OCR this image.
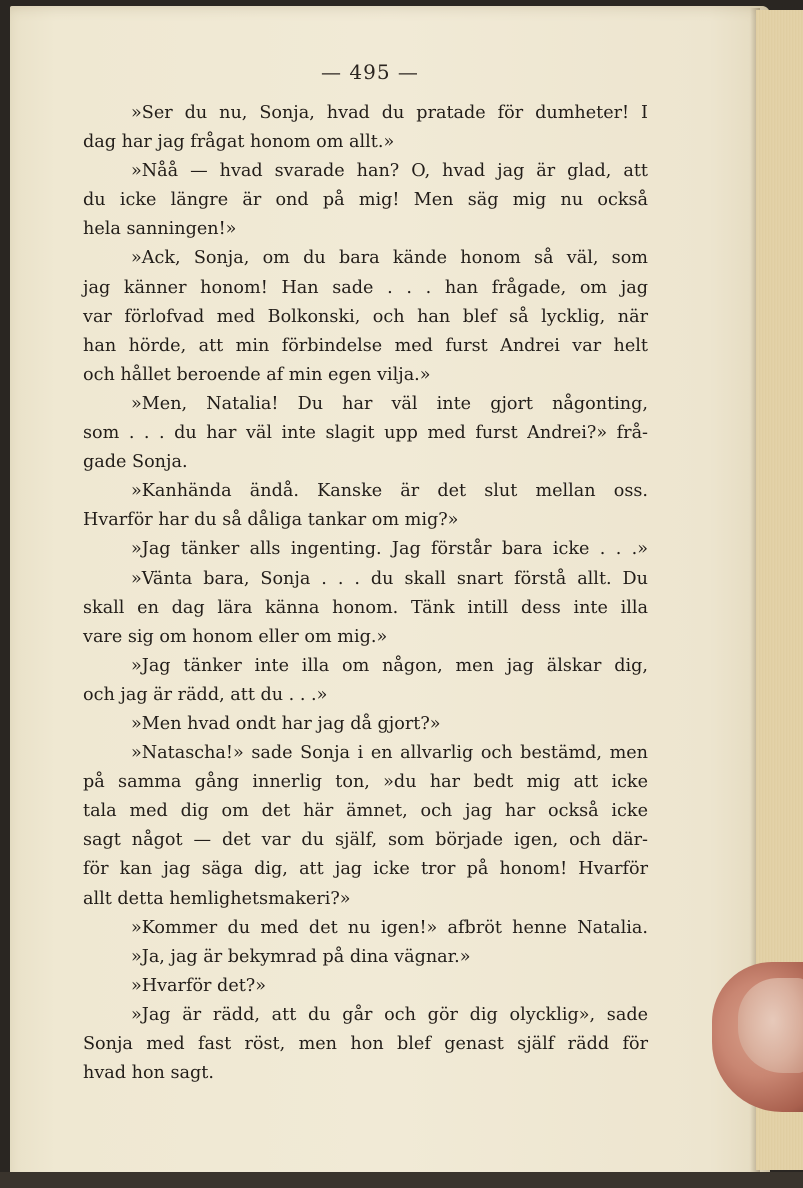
— 495 —
»Ser du nu, Sonja, hvad du pratade för dumheter! I
dag har jag frågat honom om allt.»
»Nåå — hvad svarade han? O, hvad jag är glad, att
du icke längre är ond på mig! Men säg mig nu också
hela sanningen!»
»Ack, Sonja, om du bara kände honom så väl, som
jag känner honom! Han sade . . . han frågade, om jag
var förlofvad med Bolkonski, och han blef så lycklig, när
han hörde, att min förbindelse med furst Andrei var helt
och hållet beroende af min egen vilja.»
»Men, Natalia! Du har väl inte gjort någonting,
som . . . du har väl inte slagit upp med furst Andrei?» frå-
gade Sonja.
»Kanhända ändå. Kanske är det slut mellan oss.
Hvarför har du så dåliga tankar om mig?»
»Jag tänker alls ingenting. Jag förstår bara icke . . .»
»Vänta bara, Sonja . . . du skall snart förstå allt. Du
skall en dag lära känna honom. Tänk intill dess inte illa
vare sig om honom eller om mig.»
»Jag tänker inte illa om någon, men jag älskar dig,
och jag är rädd, att du . . .»
»Men hvad ondt har jag då gjort?»
»Natascha!» sade Sonja i en allvarlig och bestämd, men
på samma gång innerlig ton, »du har bedt mig att icke
tala med dig om det här ämnet, och jag har också icke
sagt något — det var du själf, som började igen, och där-
för kan jag säga dig, att jag icke tror på honom! Hvarför
allt detta hemlighetsmakeri?»
»Kommer du med det nu igen!» afbröt henne Natalia.
»Ja, jag är bekymrad på dina vägnar.»
»Hvarför det?»
»Jag är rädd, att du går och gör dig olycklig», sade
Sonja med fast röst, men hon blef genast själf rädd för
hvad hon sagt.
